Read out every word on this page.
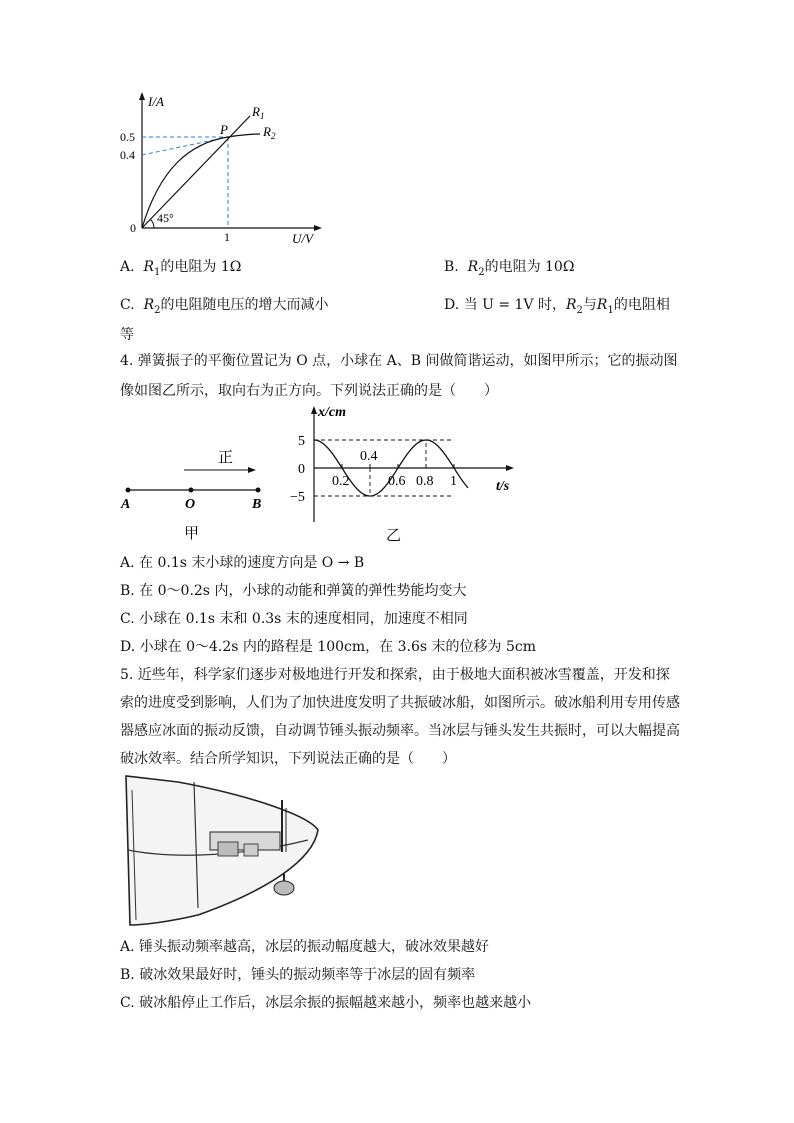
I/A
U/V
0
0.5
0.4
1
45°
P
$R_1$
$R_2$
A. $R_1$的电阻为 1Ω	B. $R_2$的电阻为 10Ω
C. $R_2$的电阻随电压的增大而减小	D. 当 U = 1V 时，$R_2$与$R_1$的电阻相
等
4. 弹簧振子的平衡位置记为 O 点，小球在 A、B 间做简谐运动，如图甲所示；它的振动图
像如图乙所示，取向右为正方向。下列说法正确的是（　　）
正
A	O	B
甲
0.2
0.4
0.6 0.8 1
x/cm
t/s
5
0
−5
乙
A. 在 0.1s 末小球的速度方向是 O → B
B. 在 0～0.2s 内，小球的动能和弹簧的弹性势能均变大
C. 小球在 0.1s 末和 0.3s 末的速度相同，加速度不相同
D. 小球在 0～4.2s 内的路程是 100cm，在 3.6s 末的位移为 5cm
5. 近些年，科学家们逐步对极地进行开发和探索，由于极地大面积被冰雪覆盖，开发和探
索的进度受到影响，人们为了加快进度发明了共振破冰船，如图所示。破冰船利用专用传感
器感应冰面的振动反馈，自动调节锤头振动频率。当冰层与锤头发生共振时，可以大幅提高
破冰效率。结合所学知识，下列说法正确的是（　　）
A. 锤头振动频率越高，冰层的振动幅度越大，破冰效果越好
B. 破冰效果最好时，锤头的振动频率等于冰层的固有频率
C. 破冰船停止工作后，冰层余振的振幅越来越小，频率也越来越小
